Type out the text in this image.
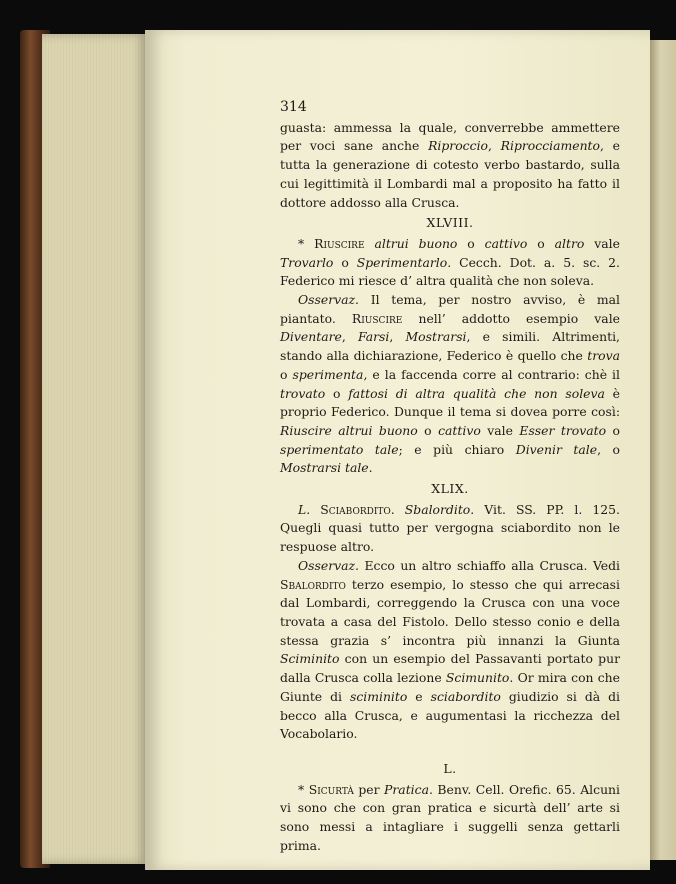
314

guasta: ammessa la quale, converrebbe ammettere per voci sane anche Riproccio, Riprocciamento, e tutta la generazione di cotesto verbo bastardo, sulla cui legittimità il Lombardi mal a proposito ha fatto il dottore addosso alla Crusca.

XLVIII.

* Riuscire altrui buono o cattivo o altro vale Trovarlo o Sperimentarlo. Cecch. Dot. a. 5. sc. 2. Federico mi riesce d’ altra qualità che non soleva.

Osservaz. Il tema, per nostro avviso, è mal piantato. Riuscire nell’ addotto esempio vale Diventare, Farsi, Mostrarsi, e simili. Altrimenti, stando alla dichiarazione, Federico è quello che trova o sperimenta, e la faccenda corre al contrario: chè il trovato o fattosi di altra qualità che non soleva è proprio Federico. Dunque il tema si dovea porre così: Riuscire altrui buono o cattivo vale Esser trovato o sperimentato tale; e più chiaro Divenir tale, o Mostrarsi tale.

XLIX.

L. Sciabordito. Sbalordito. Vit. SS. PP. l. 125. Quegli quasi tutto per vergogna sciabordito non le respuose altro.

Osservaz. Ecco un altro schiaffo alla Crusca. Vedi Sbalordito terzo esempio, lo stesso che qui arrecasi dal Lombardi, correggendo la Crusca con una voce trovata a casa del Fistolo. Dello stesso conio e della stessa grazia s’ incontra più innanzi la Giunta Sciminito con un esempio del Passavanti portato pur dalla Crusca colla lezione Scimunito. Or mira con che Giunte di sciminito e sciabordito giudizio si dà di becco alla Crusca, e augumentasi la ricchezza del Vocabolario.

L.

* Sicurtà per Pratica. Benv. Cell. Orefic. 65. Alcuni vi sono che con gran pratica e sicurtà dell’ arte si sono messi a intagliare i suggelli senza gettarli prima.
